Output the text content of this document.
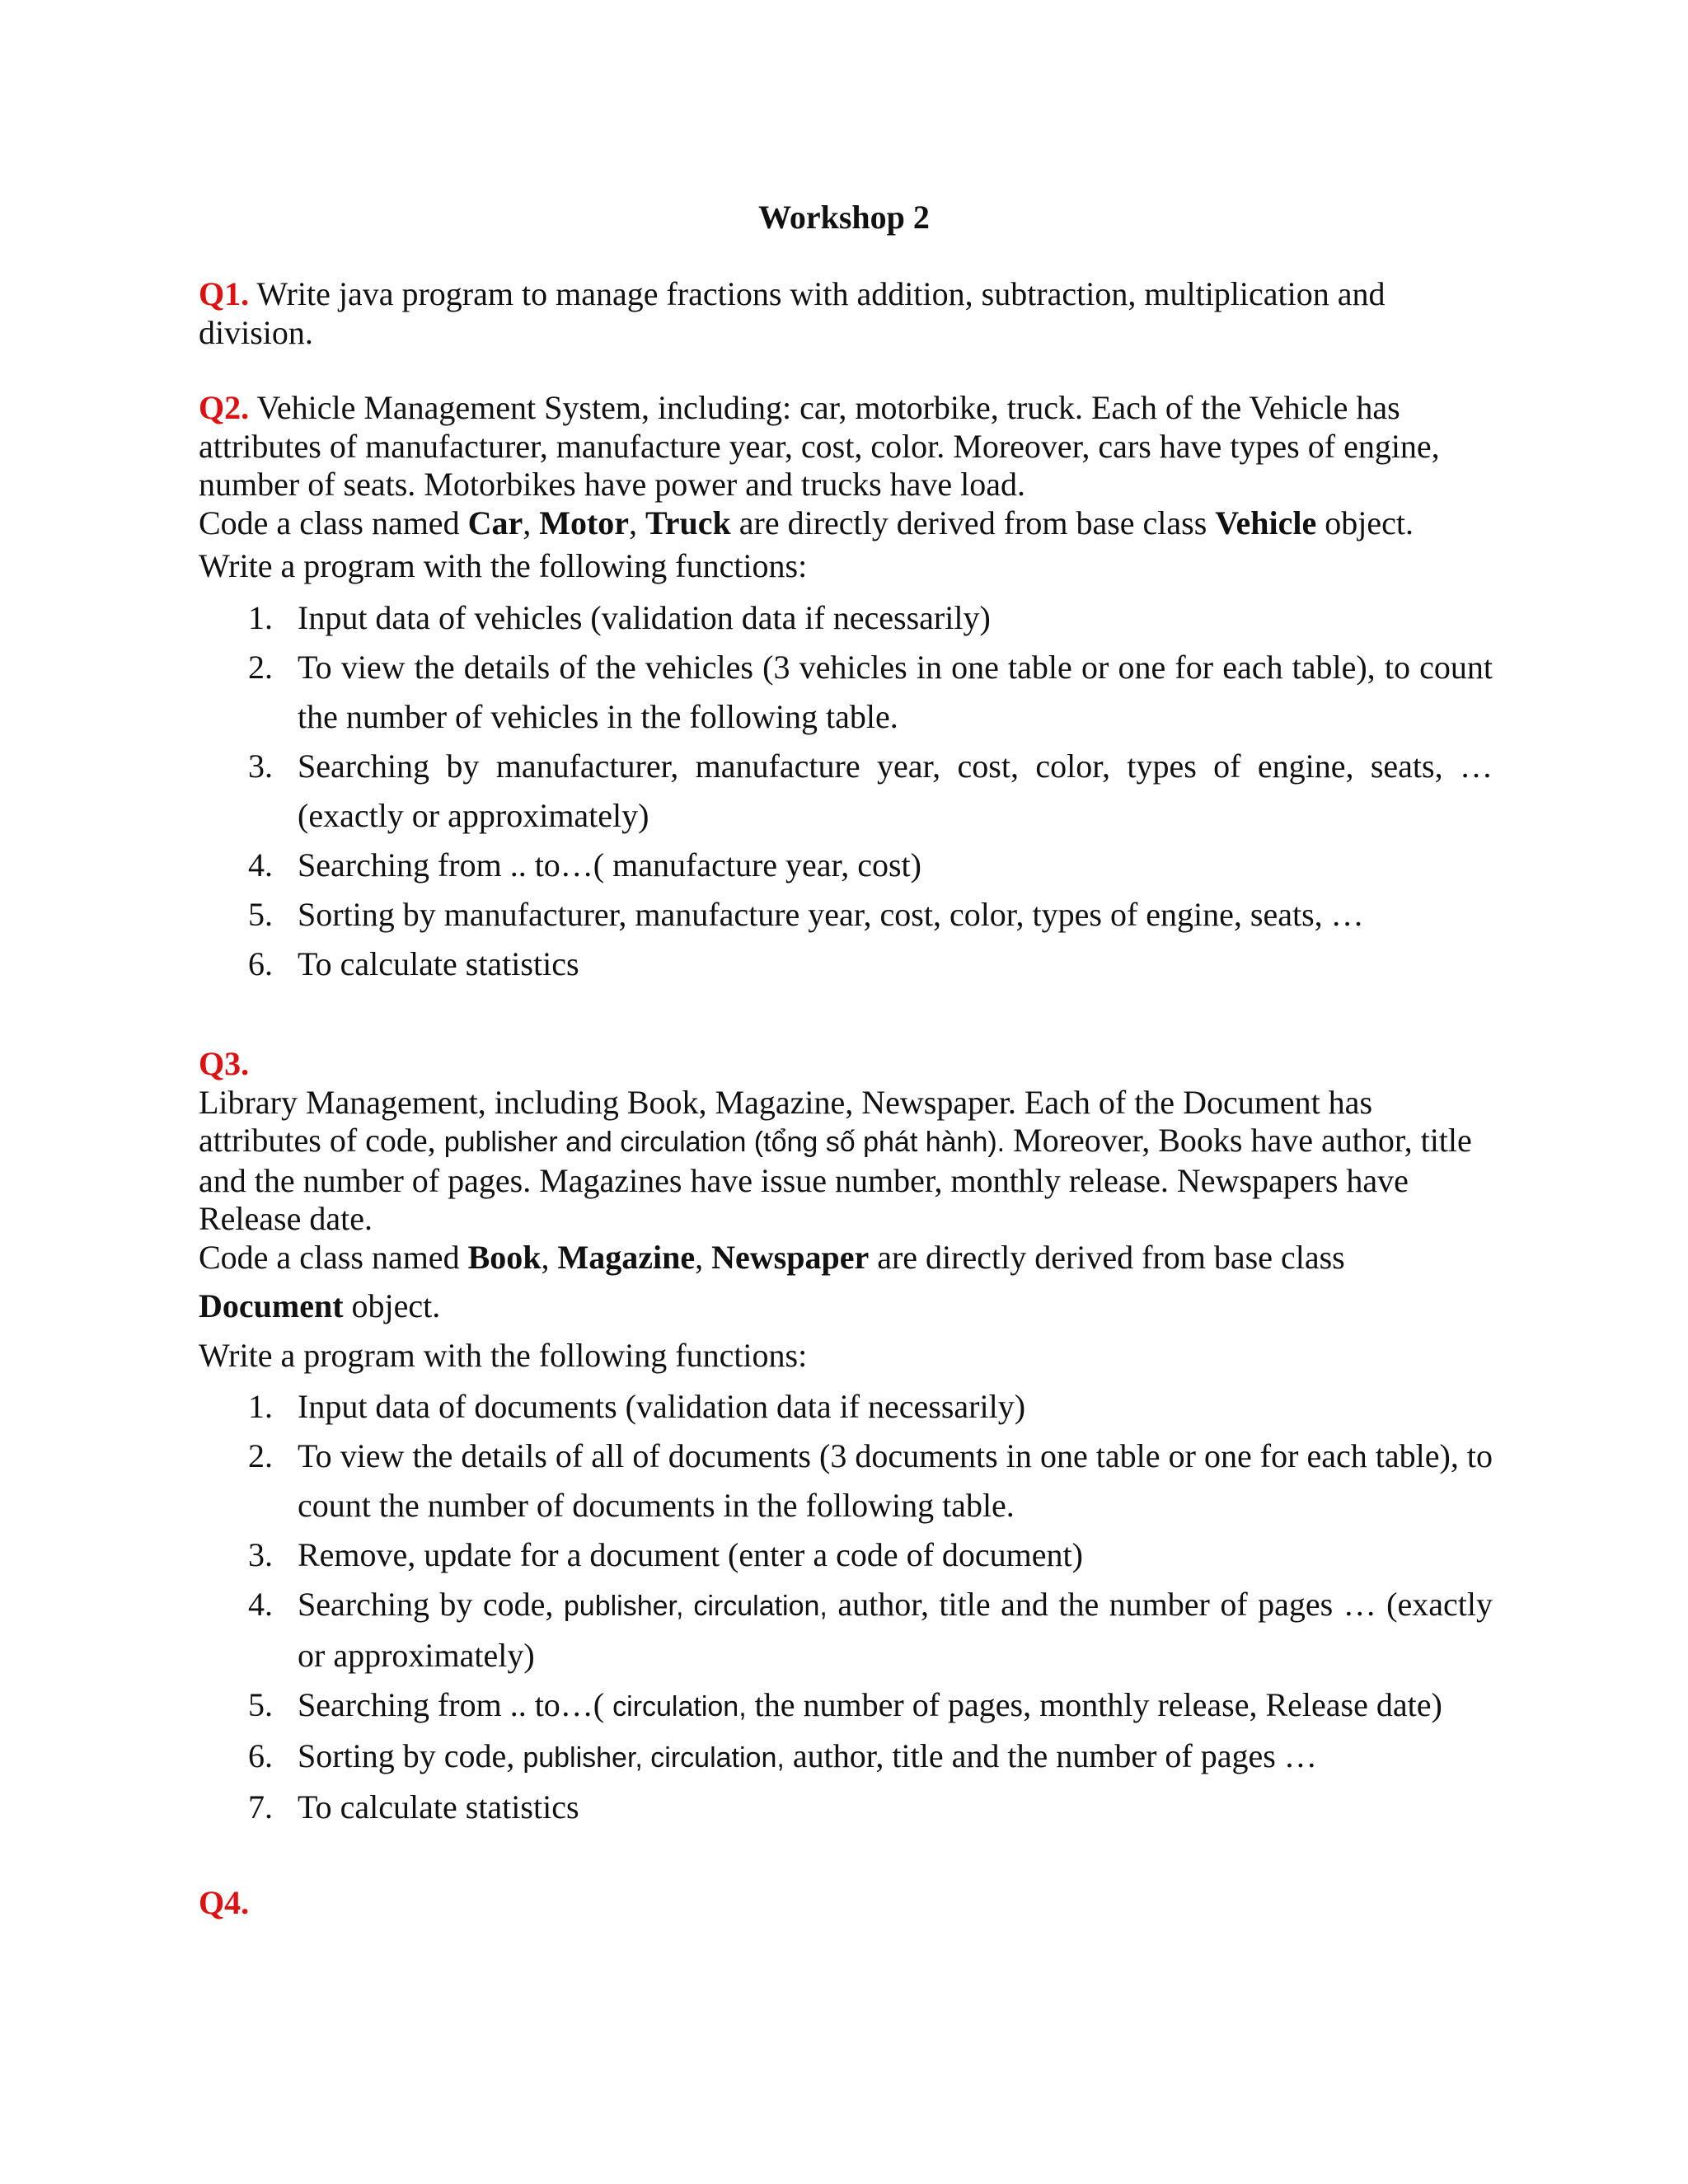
Workshop 2
Q1. Write java program to manage fractions with addition, subtraction, multiplication and
division.
Q2. Vehicle Management System, including: car, motorbike, truck. Each of the Vehicle has
attributes of manufacturer, manufacture year, cost, color. Moreover, cars have types of engine,
number of seats. Motorbikes have power and trucks have load.
Code a class named Car, Motor, Truck are directly derived from base class Vehicle object.
Write a program with the following functions:
1. Input data of vehicles (validation data if necessarily)
2. To view the details of the vehicles (3 vehicles in one table or one for each table), to count the number of vehicles in the following table.
3. Searching by manufacturer, manufacture year, cost, color, types of engine, seats, … (exactly or approximately)
4. Searching from .. to…( manufacture year, cost)
5. Sorting by manufacturer, manufacture year, cost, color, types of engine, seats, …
6. To calculate statistics
Q3.
Library Management, including Book, Magazine, Newspaper. Each of the Document has
attributes of code, publisher and circulation (tổng số phát hành). Moreover, Books have author, title
and the number of pages. Magazines have issue number, monthly release. Newspapers have
Release date.
Code a class named Book, Magazine, Newspaper are directly derived from base class
Document object.
Write a program with the following functions:
1. Input data of documents (validation data if necessarily)
2. To view the details of all of documents (3 documents in one table or one for each table), to count the number of documents in the following table.
3. Remove, update for a document (enter a code of document)
4. Searching by code, publisher, circulation, author, title and the number of pages … (exactly or approximately)
5. Searching from .. to…( circulation, the number of pages, monthly release, Release date)
6. Sorting by code, publisher, circulation, author, title and the number of pages …
7. To calculate statistics
Q4.
